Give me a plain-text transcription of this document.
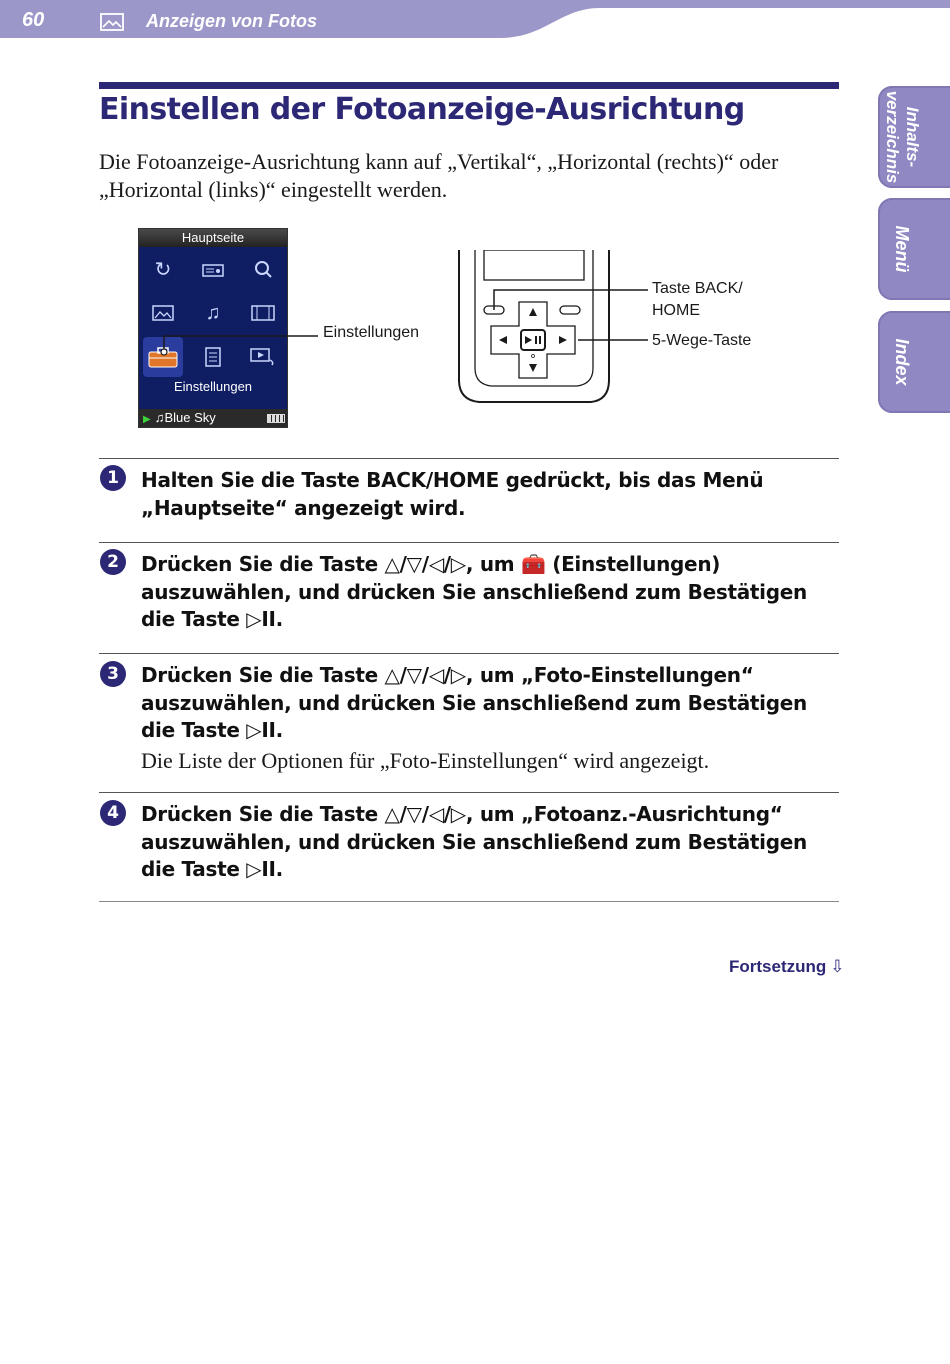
60	Anzeigen von Fotos
Inhalts-
verzeichnis
Menü
Index
Einstellen der Fotoanzeige-Ausrichtung

Die Fotoanzeige-Ausrichtung kann auf „Vertikal“, „Horizontal (rechts)“ oder „Horizontal (links)“ eingestellt werden.

Hauptseite
↻
♫
Einstellungen
▶ ♫Blue Sky
Einstellungen
Taste BACK/
HOME
5-Wege-Taste
1	Halten Sie die Taste BACK/HOME gedrückt, bis das Menü „Hauptseite“ angezeigt wird.

2	Drücken Sie die Taste △/▽/◁/▷, um 🧰 (Einstellungen) auszuwählen, und drücken Sie anschließend zum Bestätigen die Taste ▷II.

3	Drücken Sie die Taste △/▽/◁/▷, um „Foto-Einstellungen“ auszuwählen, und drücken Sie anschließend zum Bestätigen die Taste ▷II.

Die Liste der Optionen für „Foto-Einstellungen“ wird angezeigt.

4	Drücken Sie die Taste △/▽/◁/▷, um „Fotoanz.-Ausrichtung“ auszuwählen, und drücken Sie anschließend zum Bestätigen die Taste ▷II.

Fortsetzung ⇩
